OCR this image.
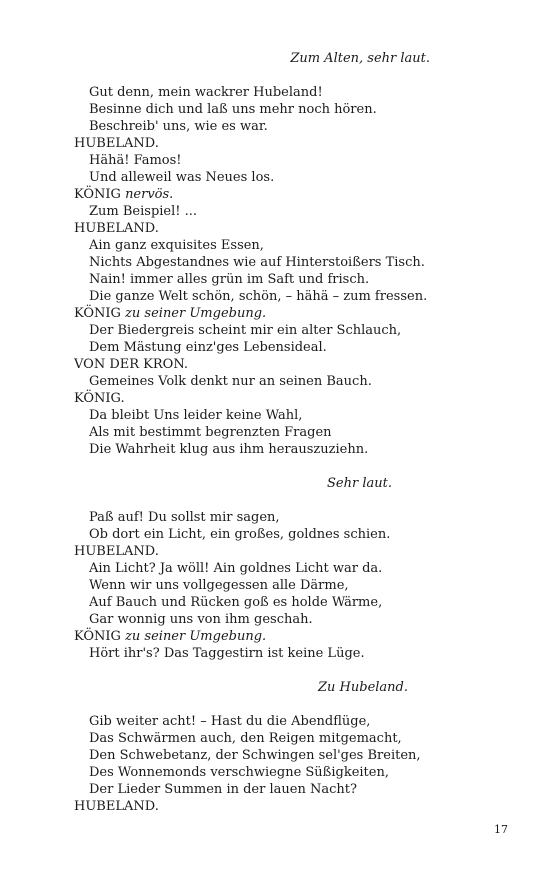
Zum Alten, sehr laut.
Gut denn, mein wackrer Hubeland!
Besinne dich und laß uns mehr noch hören.
Beschreib' uns, wie es war.
HUBELAND.
Hähä! Famos!
Und alleweil was Neues los.
KÖNIG nervös.
Zum Beispiel! ...
HUBELAND.
Ain ganz exquisites Essen,
Nichts Abgestandnes wie auf Hinterstoißers Tisch.
Nain! immer alles grün im Saft und frisch.
Die ganze Welt schön, schön, – hähä – zum fressen.
KÖNIG zu seiner Umgebung.
Der Biedergreis scheint mir ein alter Schlauch,
Dem Mästung einz'ges Lebensideal.
VON DER KRON.
Gemeines Volk denkt nur an seinen Bauch.
KÖNIG.
Da bleibt Uns leider keine Wahl,
Als mit bestimmt begrenzten Fragen
Die Wahrheit klug aus ihm herauszuziehn.
Sehr laut.
Paß auf! Du sollst mir sagen,
Ob dort ein Licht, ein großes, goldnes schien.
HUBELAND.
Ain Licht? Ja wöll! Ain goldnes Licht war da.
Wenn wir uns vollgegessen alle Därme,
Auf Bauch und Rücken goß es holde Wärme,
Gar wonnig uns von ihm geschah.
KÖNIG zu seiner Umgebung.
Hört ihr's? Das Taggestirn ist keine Lüge.
Zu Hubeland.
Gib weiter acht! – Hast du die Abendflüge,
Das Schwärmen auch, den Reigen mitgemacht,
Den Schwebetanz, der Schwingen sel'ges Breiten,
Des Wonnemonds verschwiegne Süßigkeiten,
Der Lieder Summen in der lauen Nacht?
HUBELAND.
17
